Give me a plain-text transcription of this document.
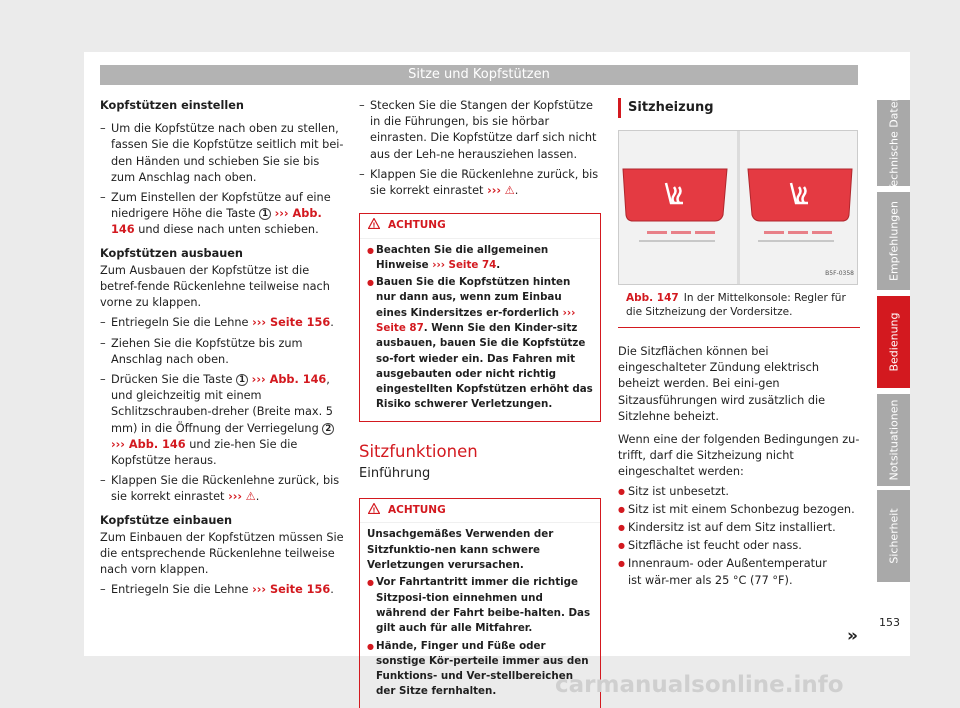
Sitze und Kopfstützen

Kopfstützen einstellen

– Um die Kopfstütze nach oben zu stellen, fassen Sie die Kopfstütze seitlich mit bei-den Händen und schieben Sie sie bis zum Anschlag nach oben.

– Zum Einstellen der Kopfstütze auf eine niedrigere Höhe die Taste 1 ››› Abb. 146 und diese nach unten schieben.

Kopfstützen ausbauen

Zum Ausbauen der Kopfstütze ist die betref-fende Rückenlehne teilweise nach vorne zu klappen.

– Entriegeln Sie die Lehne ››› Seite 156.

– Ziehen Sie die Kopfstütze bis zum Anschlag nach oben.

– Drücken Sie die Taste 1 ››› Abb. 146, und gleichzeitig mit einem Schlitzschrauben-dreher (Breite max. 5 mm) in die Öffnung der Verriegelung 2 ››› Abb. 146 und zie-hen Sie die Kopfstütze heraus.

– Klappen Sie die Rückenlehne zurück, bis sie korrekt einrastet ››› ⚠.

Kopfstütze einbauen

Zum Einbauen der Kopfstützen müssen Sie die entsprechende Rückenlehne teilweise nach vorn klappen.

– Entriegeln Sie die Lehne ››› Seite 156.

– Stecken Sie die Stangen der Kopfstütze in die Führungen, bis sie hörbar einrasten. Die Kopfstütze darf sich nicht aus der Leh-ne herausziehen lassen.

– Klappen Sie die Rückenlehne zurück, bis sie korrekt einrastet ››› ⚠.

! ACHTUNG

● Beachten Sie die allgemeinen Hinweise ››› Seite 74.

● Bauen Sie die Kopfstützen hinten nur dann aus, wenn zum Einbau eines Kindersitzes er-forderlich ››› Seite 87. Wenn Sie den Kinder-sitz ausbauen, bauen Sie die Kopfstütze so-fort wieder ein. Das Fahren mit ausgebauten oder nicht richtig eingestellten Kopfstützen erhöht das Risiko schwerer Verletzungen.

Sitzfunktionen
Einführung
! ACHTUNG

Unsachgemäßes Verwenden der Sitzfunktio-nen kann schwere Verletzungen verursachen.

● Vor Fahrtantritt immer die richtige Sitzposi-tion einnehmen und während der Fahrt beibe-halten. Das gilt auch für alle Mitfahrer.

● Hände, Finger und Füße oder sonstige Kör-perteile immer aus den Funktions- und Ver-stellbereichen der Sitze fernhalten.

Sitzheizung
B5F-0358
Abb. 147 In der Mittelkonsole: Regler für die Sitzheizung der Vordersitze.

Die Sitzflächen können bei eingeschalteter Zündung elektrisch beheizt werden. Bei eini-gen Sitzausführungen wird zusätzlich die Sitzlehne beheizt.

Wenn eine der folgenden Bedingungen zu-trifft, darf die Sitzheizung nicht eingeschaltet werden:

● Sitz ist unbesetzt.
● Sitz ist mit einem Schonbezug bezogen.
● Kindersitz ist auf dem Sitz installiert.
● Sitzfläche ist feucht oder nass.
● Innenraum- oder Außentemperatur ist wär-mer als 25 °C (77 °F).
»
Technische Daten
Empfehlungen
Bedienung
Notsituationen
Sicherheit
153
carmanualsonline.info
